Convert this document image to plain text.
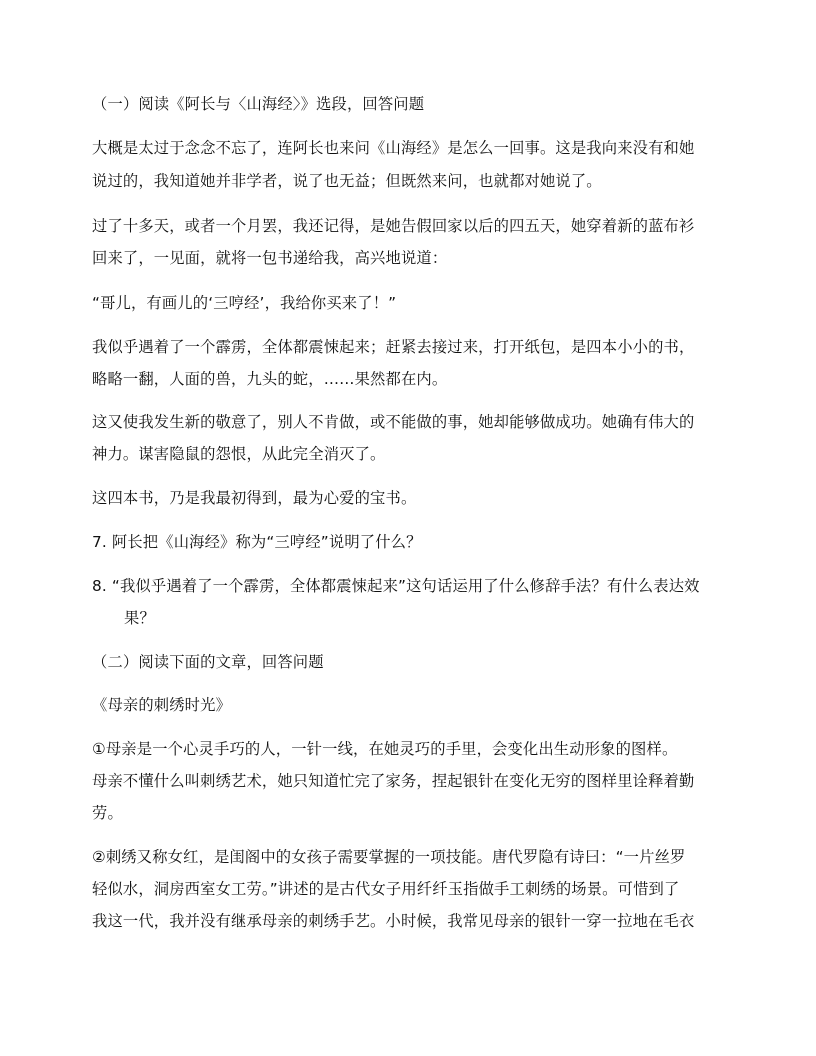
（一）阅读《阿长与〈山海经〉》选段，回答问题
大概是太过于念念不忘了，连阿长也来问《山海经》是怎么一回事。这是我向来没有和她
说过的，我知道她并非学者，说了也无益；但既然来问，也就都对她说了。
过了十多天，或者一个月罢，我还记得，是她告假回家以后的四五天，她穿着新的蓝布衫
回来了，一见面，就将一包书递给我，高兴地说道：
“哥儿，有画儿的‘三哼经’，我给你买来了！”
我似乎遇着了一个霹雳，全体都震悚起来；赶紧去接过来，打开纸包，是四本小小的书，
略略一翻，人面的兽，九头的蛇，……果然都在内。
这又使我发生新的敬意了，别人不肯做，或不能做的事，她却能够做成功。她确有伟大的
神力。谋害隐鼠的怨恨，从此完全消灭了。
这四本书，乃是我最初得到，最为心爱的宝书。
7. 阿长把《山海经》称为“三哼经”说明了什么？
8. “我似乎遇着了一个霹雳，全体都震悚起来”这句话运用了什么修辞手法？有什么表达效
果？
（二）阅读下面的文章，回答问题
《母亲的刺绣时光》
①母亲是一个心灵手巧的人，一针一线，在她灵巧的手里，会变化出生动形象的图样。
母亲不懂什么叫刺绣艺术，她只知道忙完了家务，捏起银针在变化无穷的图样里诠释着勤
劳。
②刺绣又称女红，是闺阁中的女孩子需要掌握的一项技能。唐代罗隐有诗曰：“一片丝罗
轻似水，洞房西室女工劳。”讲述的是古代女子用纤纤玉指做手工刺绣的场景。可惜到了
我这一代，我并没有继承母亲的刺绣手艺。小时候，我常见母亲的银针一穿一拉地在毛衣
